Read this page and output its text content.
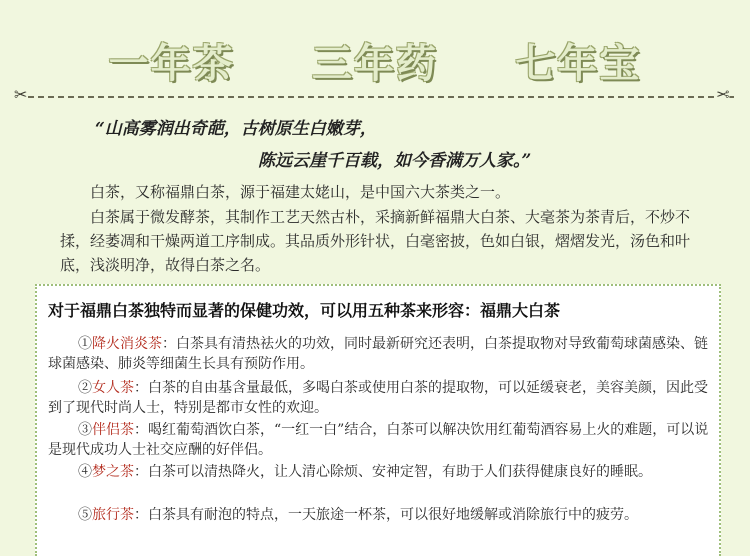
一年茶 三年药 七年宝
✂	✂
“山高雾润出奇葩，古树原生白嫩芽，
陈远云崖千百载，如今香满万人家。”
白茶，又称福鼎白茶，源于福建太姥山，是中国六大茶类之一。
白茶属于微发酵茶，其制作工艺天然古朴，采摘新鲜福鼎大白茶、大毫茶为茶青后，不炒不揉，经萎凋和干燥两道工序制成。其品质外形针状，白毫密披，色如白银，熠熠发光，汤色和叶底，浅淡明净，故得白茶之名。
对于福鼎白茶独特而显著的保健功效，可以用五种茶来形容：福鼎大白茶
①降火消炎茶：白茶具有清热祛火的功效，同时最新研究还表明，白茶提取物对导致葡萄球菌感染、链球菌感染、肺炎等细菌生长具有预防作用。
②女人茶：白茶的自由基含量最低，多喝白茶或使用白茶的提取物，可以延缓衰老，美容美颜，因此受到了现代时尚人士，特别是都市女性的欢迎。
③伴侣茶：喝红葡萄酒饮白茶，“一红一白”结合，白茶可以解决饮用红葡萄酒容易上火的难题，可以说是现代成功人士社交应酬的好伴侣。
④梦之茶：白茶可以清热降火，让人清心除烦、安神定智，有助于人们获得健康良好的睡眠。
⑤旅行茶：白茶具有耐泡的特点，一天旅途一杯茶，可以很好地缓解或消除旅行中的疲劳。
